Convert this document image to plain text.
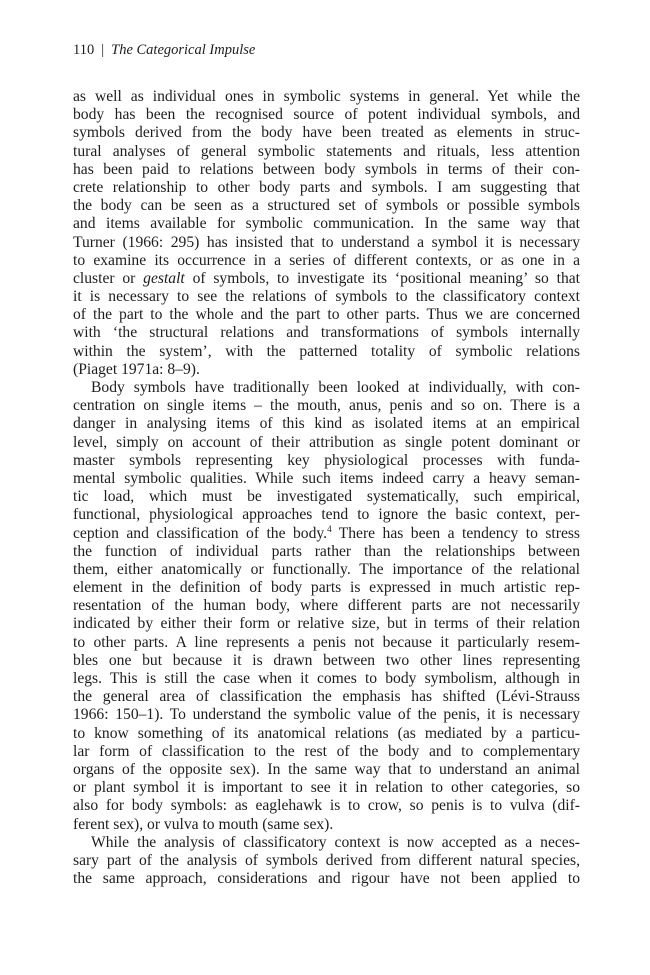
110 | The Categorical Impulse
as well as individual ones in symbolic systems in general. Yet while the
body has been the recognised source of potent individual symbols, and
symbols derived from the body have been treated as elements in struc-
tural analyses of general symbolic statements and rituals, less attention
has been paid to relations between body symbols in terms of their con-
crete relationship to other body parts and symbols. I am suggesting that
the body can be seen as a structured set of symbols or possible symbols
and items available for symbolic communication. In the same way that
Turner (1966: 295) has insisted that to understand a symbol it is necessary
to examine its occurrence in a series of different contexts, or as one in a
cluster or gestalt of symbols, to investigate its ‘positional meaning’ so that
it is necessary to see the relations of symbols to the classificatory context
of the part to the whole and the part to other parts. Thus we are concerned
with ‘the structural relations and transformations of symbols internally
within the system’, with the patterned totality of symbolic relations
(Piaget 1971a: 8–9).
Body symbols have traditionally been looked at individually, with con-
centration on single items – the mouth, anus, penis and so on. There is a
danger in analysing items of this kind as isolated items at an empirical
level, simply on account of their attribution as single potent dominant or
master symbols representing key physiological processes with funda-
mental symbolic qualities. While such items indeed carry a heavy seman-
tic load, which must be investigated systematically, such empirical,
functional, physiological approaches tend to ignore the basic context, per-
ception and classification of the body.$^4$ There has been a tendency to stress
the function of individual parts rather than the relationships between
them, either anatomically or functionally. The importance of the relational
element in the definition of body parts is expressed in much artistic rep-
resentation of the human body, where different parts are not necessarily
indicated by either their form or relative size, but in terms of their relation
to other parts. A line represents a penis not because it particularly resem-
bles one but because it is drawn between two other lines representing
legs. This is still the case when it comes to body symbolism, although in
the general area of classification the emphasis has shifted (Lévi-Strauss
1966: 150–1). To understand the symbolic value of the penis, it is necessary
to know something of its anatomical relations (as mediated by a particu-
lar form of classification to the rest of the body and to complementary
organs of the opposite sex). In the same way that to understand an animal
or plant symbol it is important to see it in relation to other categories, so
also for body symbols: as eaglehawk is to crow, so penis is to vulva (dif-
ferent sex), or vulva to mouth (same sex).
While the analysis of classificatory context is now accepted as a neces-
sary part of the analysis of symbols derived from different natural species,
the same approach, considerations and rigour have not been applied to
